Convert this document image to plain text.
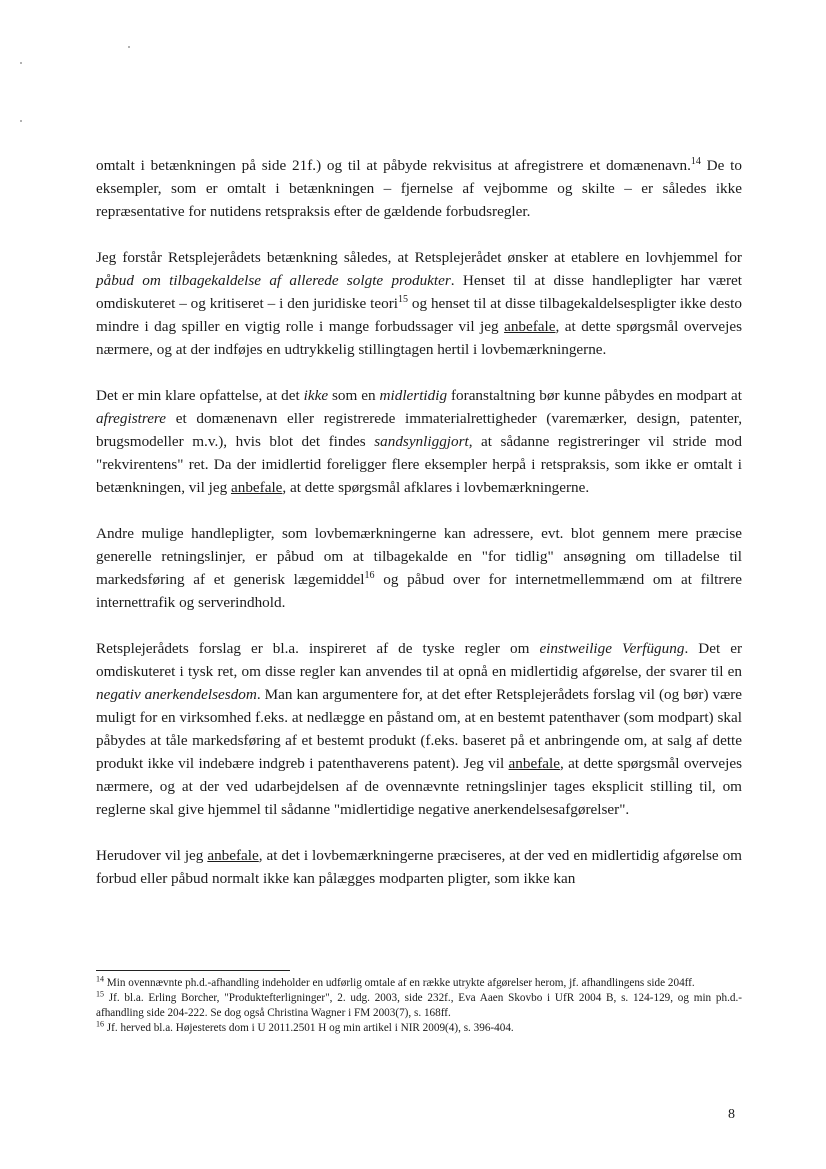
omtalt i betænkningen på side 21f.) og til at påbyde rekvisitus at afregistrere et domænenavn.$^{14}$ De to eksempler, som er omtalt i betænkningen – fjernelse af vejbomme og skilte – er således ikke repræsentative for nutidens retspraksis efter de gældende forbudsregler.

Jeg forstår Retsplejerådets betænkning således, at Retsplejerådet ønsker at etablere en lovhjemmel for påbud om tilbagekaldelse af allerede solgte produkter. Henset til at disse handlepligter har været omdiskuteret – og kritiseret – i den juridiske teori$^{15}$ og henset til at disse tilbagekaldelsespligter ikke desto mindre i dag spiller en vigtig rolle i mange forbudssager vil jeg anbefale, at dette spørgsmål overvejes nærmere, og at der indføjes en udtrykkelig stillingtagen hertil i lovbemærkningerne.

Det er min klare opfattelse, at det ikke som en midlertidig foranstaltning bør kunne påbydes en modpart at afregistrere et domænenavn eller registrerede immaterialrettigheder (varemærker, design, patenter, brugsmodeller m.v.), hvis blot det findes sandsynliggjort, at sådanne registreringer vil stride mod "rekvirentens" ret. Da der imidlertid foreligger flere eksempler herpå i retspraksis, som ikke er omtalt i betænkningen, vil jeg anbefale, at dette spørgsmål afklares i lovbemærkningerne.

Andre mulige handlepligter, som lovbemærkningerne kan adressere, evt. blot gennem mere præcise generelle retningslinjer, er påbud om at tilbagekalde en "for tidlig" ansøgning om tilladelse til markedsføring af et generisk lægemiddel$^{16}$ og påbud over for internetmellemmænd om at filtrere internettrafik og serverindhold.

Retsplejerådets forslag er bl.a. inspireret af de tyske regler om einstweilige Verfügung. Det er omdiskuteret i tysk ret, om disse regler kan anvendes til at opnå en midlertidig afgørelse, der svarer til en negativ anerkendelsesdom. Man kan argumentere for, at det efter Retsplejerådets forslag vil (og bør) være muligt for en virksomhed f.eks. at nedlægge en påstand om, at en bestemt patenthaver (som modpart) skal påbydes at tåle markedsføring af et bestemt produkt (f.eks. baseret på et anbringende om, at salg af dette produkt ikke vil indebære indgreb i patenthaverens patent). Jeg vil anbefale, at dette spørgsmål overvejes nærmere, og at der ved udarbejdelsen af de ovennævnte retningslinjer tages eksplicit stilling til, om reglerne skal give hjemmel til sådanne "midlertidige negative anerkendelsesafgørelser".

Herudover vil jeg anbefale, at det i lovbemærkningerne præciseres, at der ved en midlertidig afgørelse om forbud eller påbud normalt ikke kan pålægges modparten pligter, som ikke kan

$^{14}$ Min ovennævnte ph.d.-afhandling indeholder en udførlig omtale af en række utrykte afgørelser herom, jf. afhandlingens side 204ff.

$^{15}$ Jf. bl.a. Erling Borcher, "Produktefterligninger", 2. udg. 2003, side 232f., Eva Aaen Skovbo i UfR 2004 B, s. 124-129, og min ph.d.-afhandling side 204-222. Se dog også Christina Wagner i FM 2003(7), s. 168ff.

$^{16}$ Jf. herved bl.a. Højesterets dom i U 2011.2501 H og min artikel i NIR 2009(4), s. 396-404.

8
